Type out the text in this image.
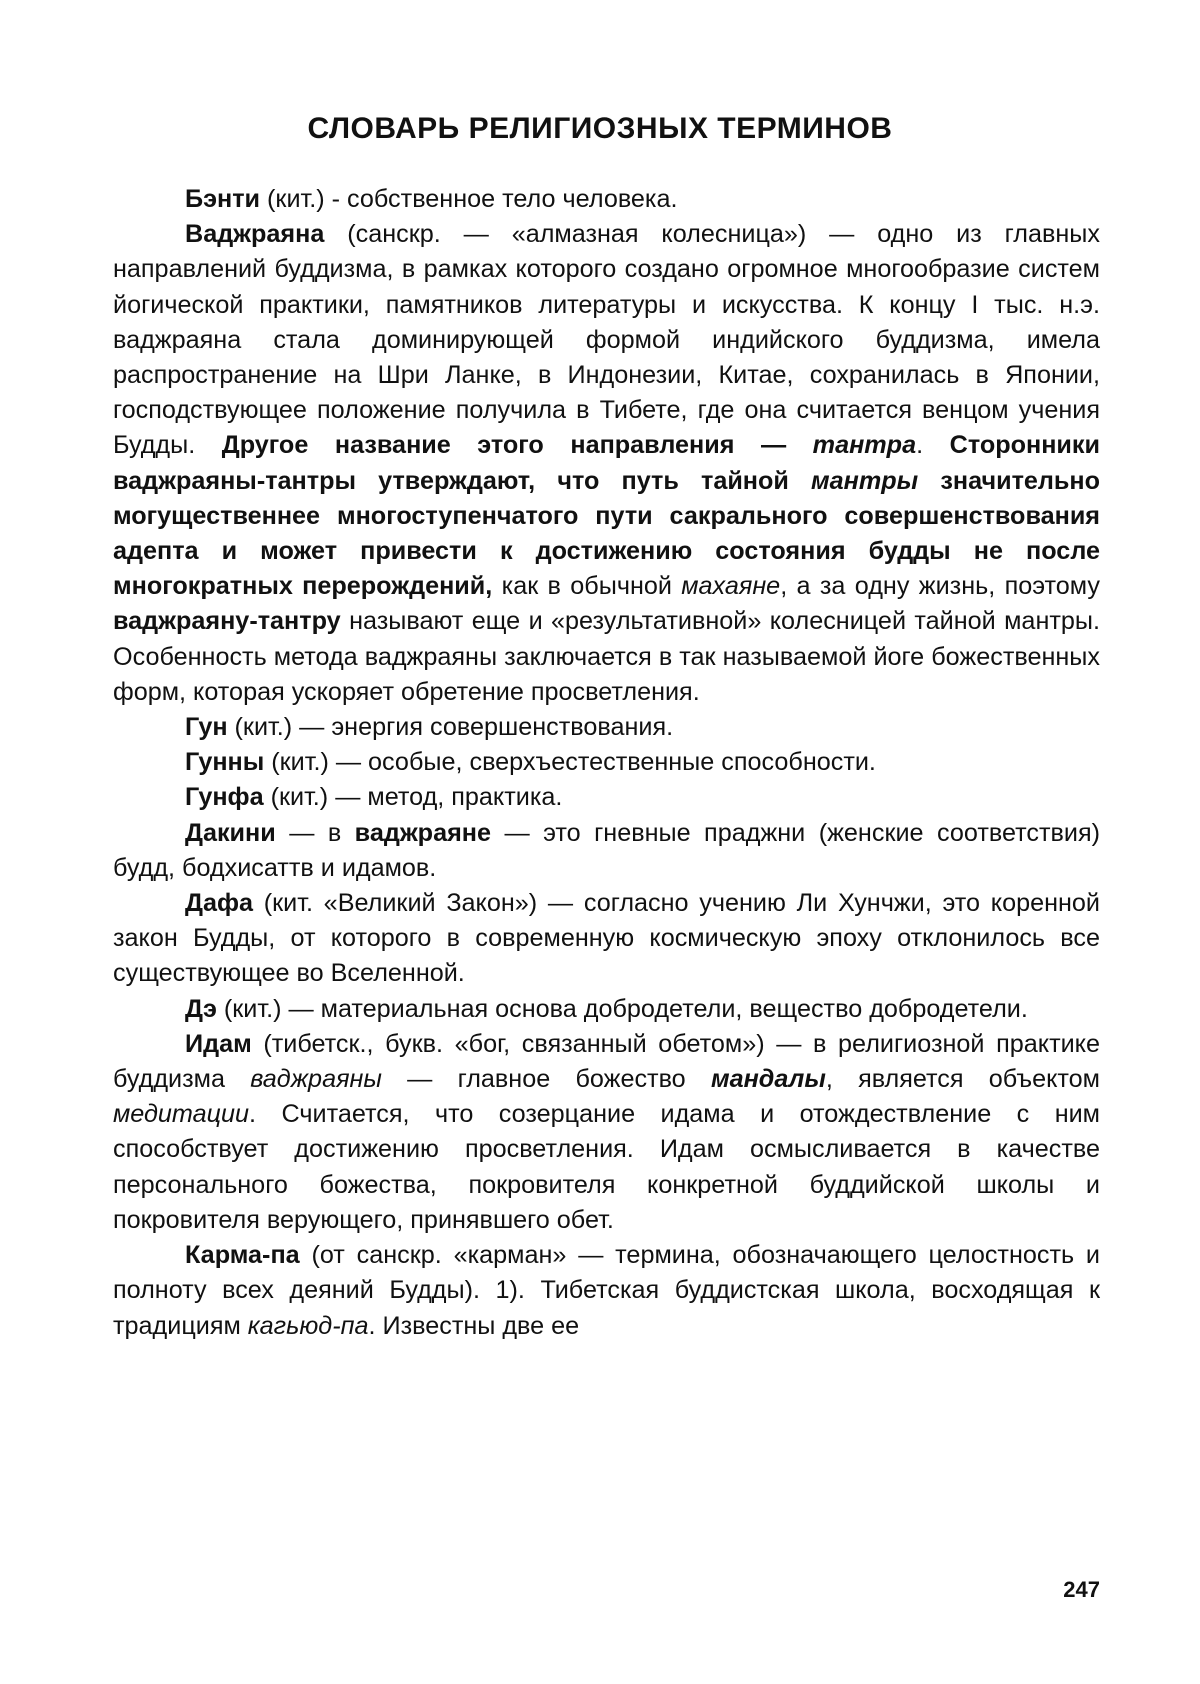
СЛОВАРЬ РЕЛИГИОЗНЫХ ТЕРМИНОВ

Бэнти (кит.) - собственное тело человека.

Ваджраяна (санскр. — «алмазная колесница») — одно из главных направлений буддизма, в рамках которого создано огромное многообразие систем йогической практики, памятников литературы и искусства. К концу I тыс. н.э. ваджраяна стала доминирующей формой индийского буддизма, имела распространение на Шри Ланке, в Индонезии, Китае, сохранилась в Японии, господствующее положение получила в Тибете, где она считается венцом учения Будды. Другое название этого направления — тантра. Сторонники ваджраяны-тантры утверждают, что путь тайной мантры значительно могущественнее многоступенчатого пути сакрального совершенствования адепта и может привести к достижению состояния будды не после многократных перерождений, как в обычной махаяне, а за одну жизнь, поэтому ваджраяну-тантру называют еще и «результативной» колесницей тайной мантры. Особенность метода ваджраяны заключается в так называемой йоге божественных форм, которая ускоряет обретение просветления.

Гун (кит.) — энергия совершенствования.

Гунны (кит.) — особые, сверхъестественные способности.

Гунфа (кит.) — метод, практика.

Дакини — в ваджраяне — это гневные праджни (женские соответствия) будд, бодхисаттв и идамов.

Дафа (кит. «Великий Закон») — согласно учению Ли Хунчжи, это коренной закон Будды, от которого в современную космическую эпоху отклонилось все существующее во Вселенной.

Дэ (кит.) — материальная основа добродетели, вещество добродетели.

Идам (тибетск., букв. «бог, связанный обетом») — в религиозной практике буддизма ваджраяны — главное божество мандалы, является объектом медитации. Считается, что созерцание идама и отождествление с ним способствует достижению просветления. Идам осмысливается в качестве персонального божества, покровителя конкретной буддийской школы и покровителя верующего, принявшего обет.

Карма-па (от санскр. «карман» — термина, обозначающего целостность и полноту всех деяний Будды). 1). Тибетская буддистская школа, восходящая к традициям кагьюд-па. Известны две ее

247
